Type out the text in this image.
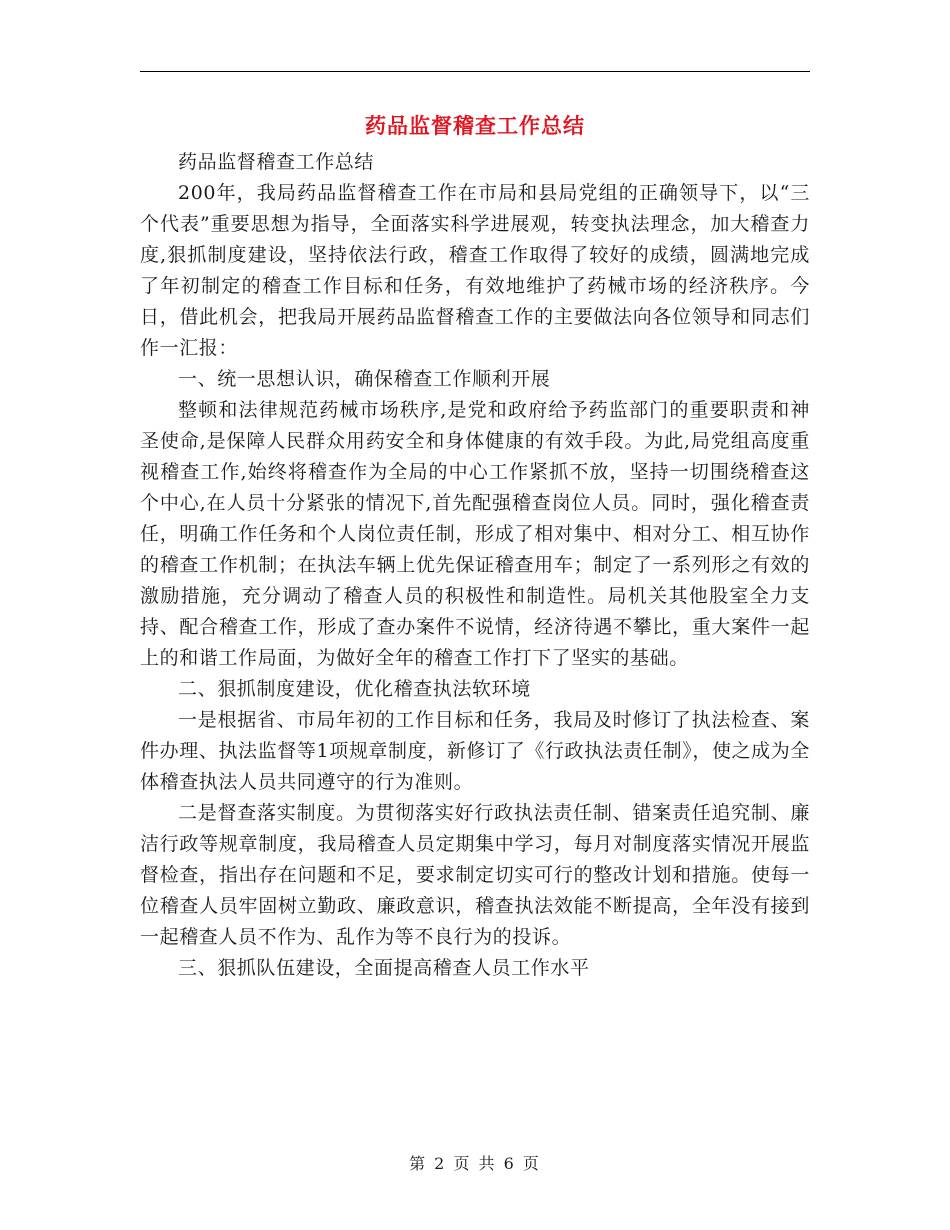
药品监督稽查工作总结

药品监督稽查工作总结

200年，我局药品监督稽查工作在市局和县局党组的正确领导下，以“三个代表”重要思想为指导，全面落实科学进展观，转变执法理念，加大稽查力度,狠抓制度建设，坚持依法行政，稽查工作取得了较好的成绩，圆满地完成了年初制定的稽查工作目标和任务，有效地维护了药械市场的经济秩序。今日，借此机会，把我局开展药品监督稽查工作的主要做法向各位领导和同志们作一汇报：

一、统一思想认识，确保稽查工作顺利开展

整顿和法律规范药械市场秩序,是党和政府给予药监部门的重要职责和神圣使命,是保障人民群众用药安全和身体健康的有效手段。为此,局党组高度重视稽查工作,始终将稽查作为全局的中心工作紧抓不放，坚持一切围绕稽查这个中心,在人员十分紧张的情况下,首先配强稽查岗位人员。同时，强化稽查责任，明确工作任务和个人岗位责任制，形成了相对集中、相对分工、相互协作的稽查工作机制；在执法车辆上优先保证稽查用车；制定了一系列形之有效的激励措施，充分调动了稽查人员的积极性和制造性。局机关其他股室全力支持、配合稽查工作，形成了查办案件不说情，经济待遇不攀比，重大案件一起上的和谐工作局面，为做好全年的稽查工作打下了坚实的基础。

二、狠抓制度建设，优化稽查执法软环境

一是根据省、市局年初的工作目标和任务，我局及时修订了执法检查、案件办理、执法监督等1项规章制度，新修订了《行政执法责任制》，使之成为全体稽查执法人员共同遵守的行为准则。

二是督查落实制度。为贯彻落实好行政执法责任制、错案责任追究制、廉洁行政等规章制度，我局稽查人员定期集中学习，每月对制度落实情况开展监督检查，指出存在问题和不足，要求制定切实可行的整改计划和措施。使每一位稽查人员牢固树立勤政、廉政意识，稽查执法效能不断提高，全年没有接到一起稽查人员不作为、乱作为等不良行为的投诉。

三、狠抓队伍建设，全面提高稽查人员工作水平

第 2 页 共 6 页
